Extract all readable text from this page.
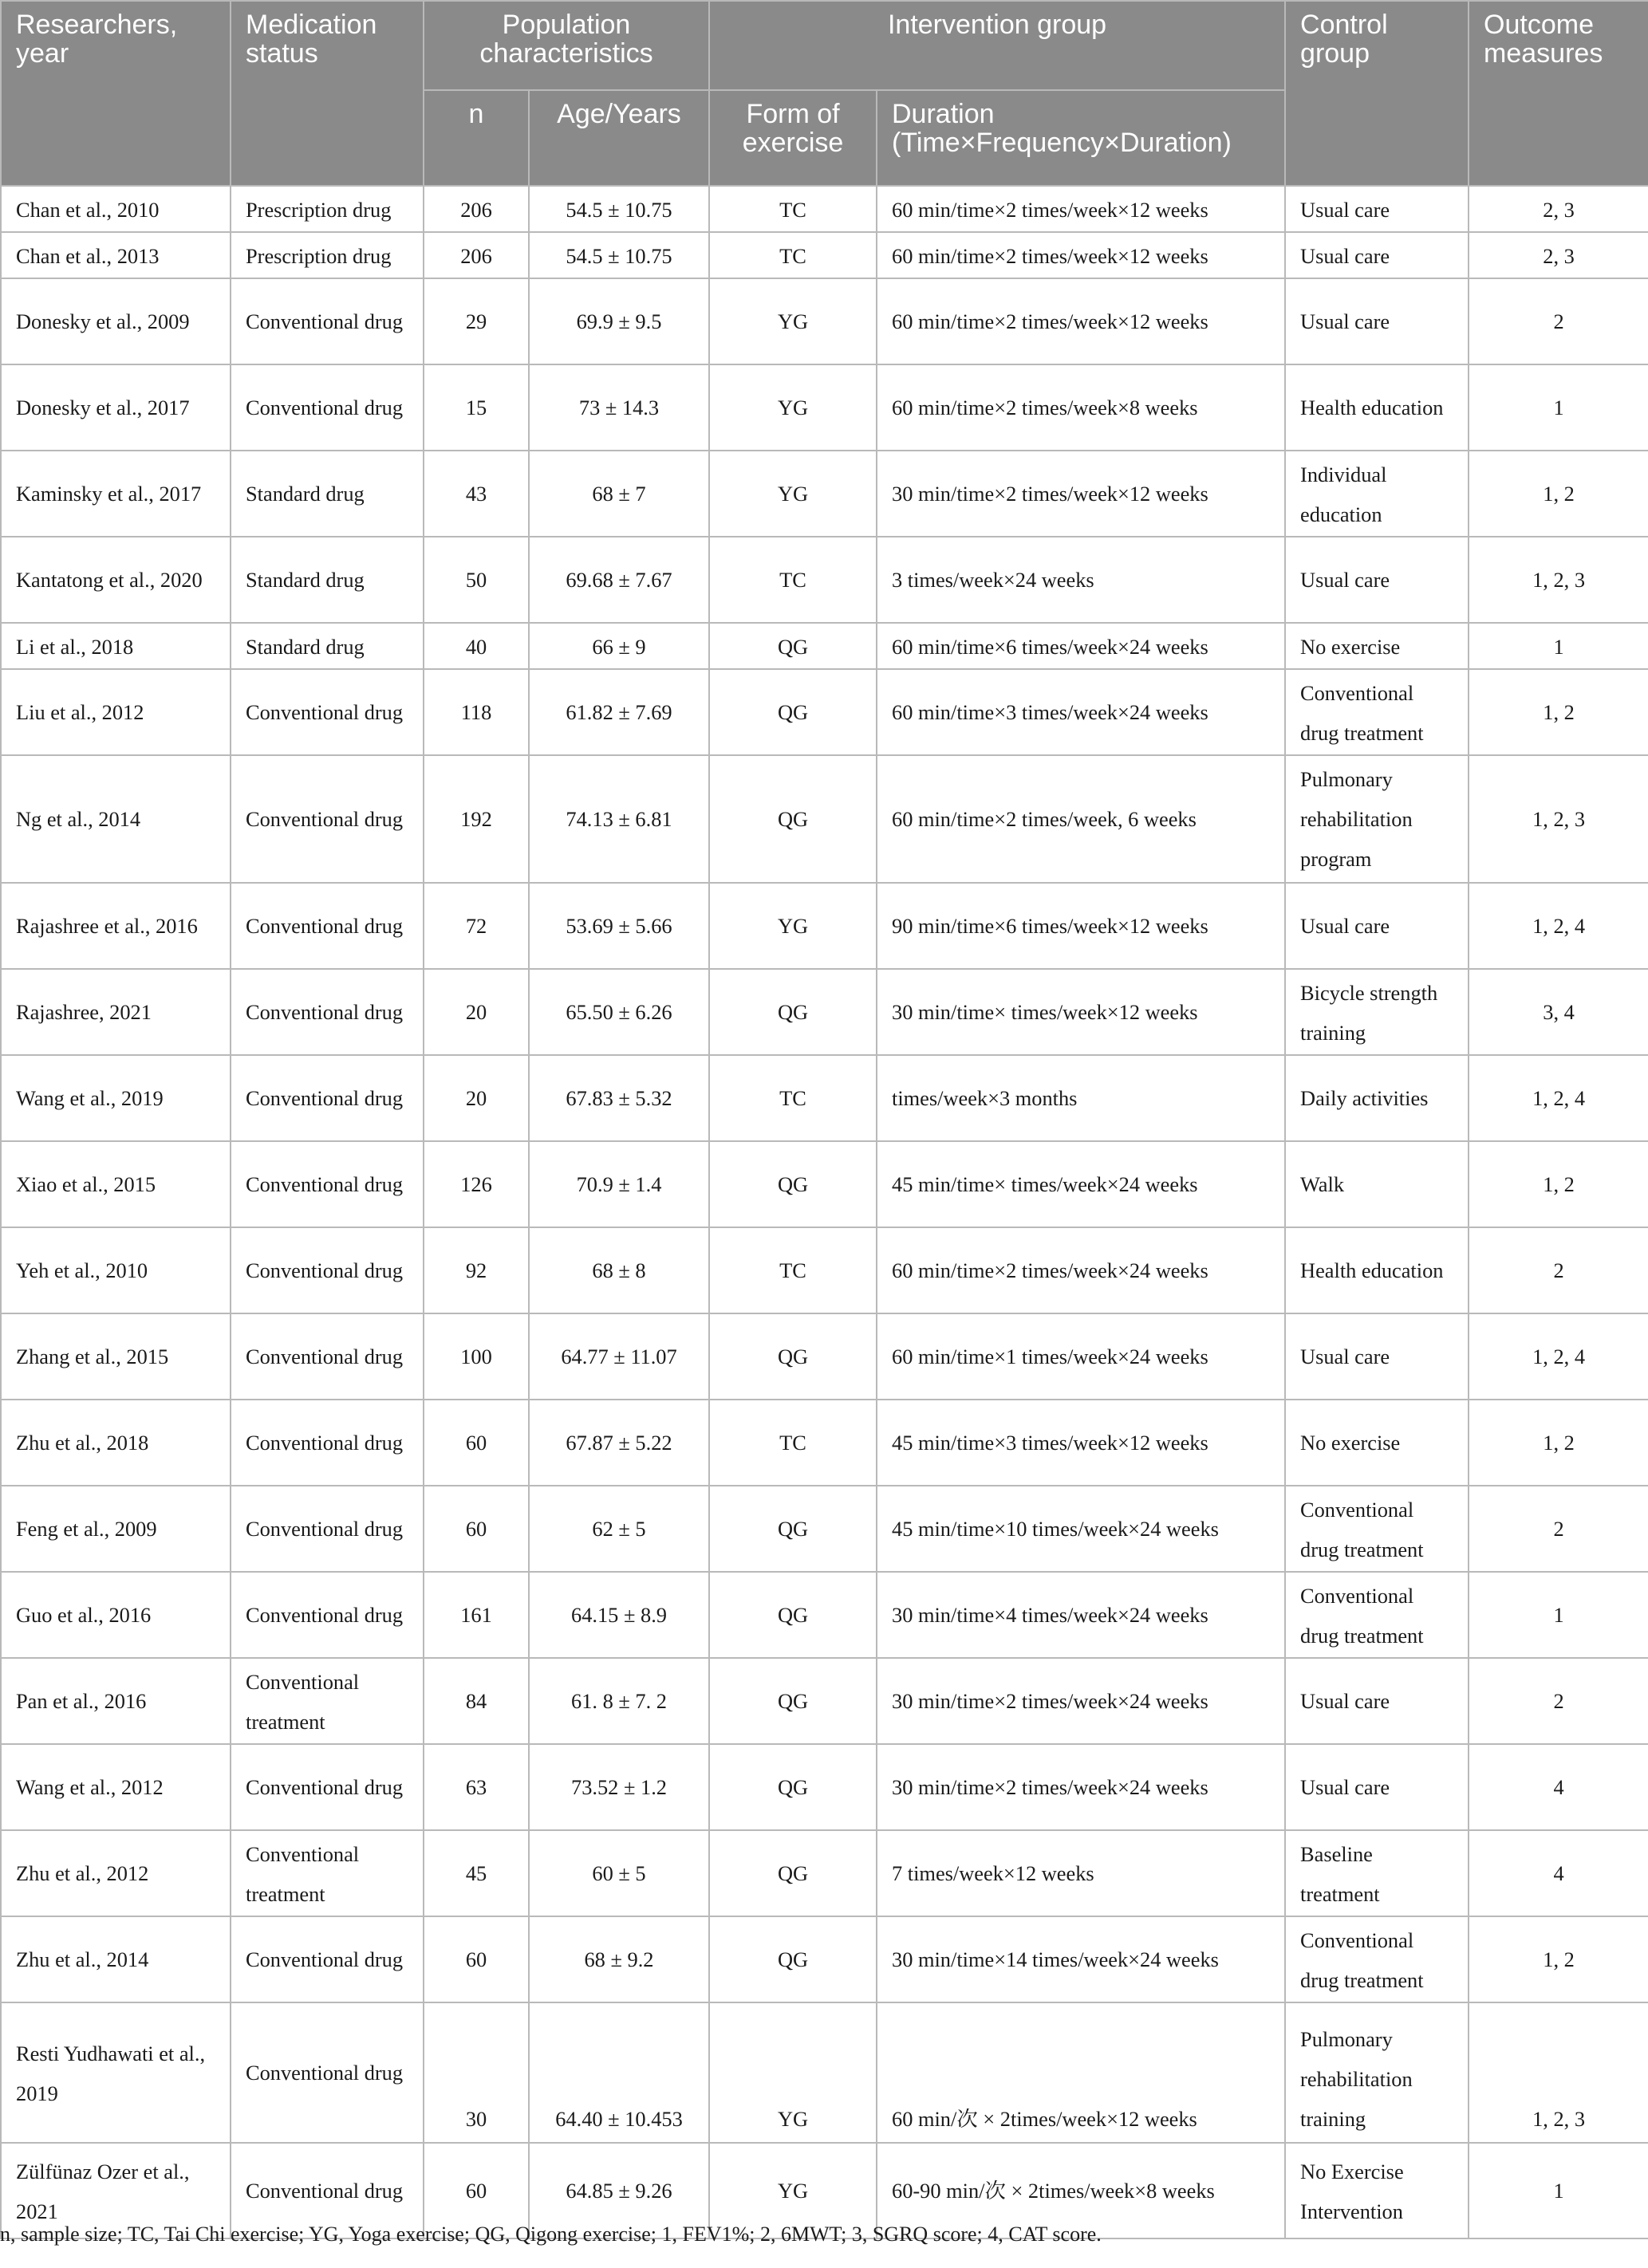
Researchers, year	Medication status	Population characteristics		Intervention group		Control group	Outcome measures
		n	Age/Years	Form of exercise	Duration (Time×Frequency×Duration)		
Chan et al., 2010	Prescription drug	206	54.5 ± 10.75	TC	60 min/time×2 times/week×12 weeks	Usual care	2, 3
Chan et al., 2013	Prescription drug	206	54.5 ± 10.75	TC	60 min/time×2 times/week×12 weeks	Usual care	2, 3
Donesky et al., 2009	Conventional drug	29	69.9 ± 9.5	YG	60 min/time×2 times/week×12 weeks	Usual care	2
Donesky et al., 2017	Conventional drug	15	73 ± 14.3	YG	60 min/time×2 times/week×8 weeks	Health education	1
Kaminsky et al., 2017	Standard drug	43	68 ± 7	YG	30 min/time×2 times/week×12 weeks	Individual education	1, 2
Kantatong et al., 2020	Standard drug	50	69.68 ± 7.67	TC	3 times/week×24 weeks	Usual care	1, 2, 3
Li et al., 2018	Standard drug	40	66 ± 9	QG	60 min/time×6 times/week×24 weeks	No exercise	1
Liu et al., 2012	Conventional drug	118	61.82 ± 7.69	QG	60 min/time×3 times/week×24 weeks	Conventional drug treatment	1, 2
Ng et al., 2014	Conventional drug	192	74.13 ± 6.81	QG	60 min/time×2 times/week, 6 weeks	Pulmonary rehabilitation program	1, 2, 3
Rajashree et al., 2016	Conventional drug	72	53.69 ± 5.66	YG	90 min/time×6 times/week×12 weeks	Usual care	1, 2, 4
Rajashree, 2021	Conventional drug	20	65.50 ± 6.26	QG	30 min/time× times/week×12 weeks	Bicycle strength training	3, 4
Wang et al., 2019	Conventional drug	20	67.83 ± 5.32	TC	times/week×3 months	Daily activities	1, 2, 4
Xiao et al., 2015	Conventional drug	126	70.9 ± 1.4	QG	45 min/time× times/week×24 weeks	Walk	1, 2
Yeh et al., 2010	Conventional drug	92	68 ± 8	TC	60 min/time×2 times/week×24 weeks	Health education	2
Zhang et al., 2015	Conventional drug	100	64.77 ± 11.07	QG	60 min/time×1 times/week×24 weeks	Usual care	1, 2, 4
Zhu et al., 2018	Conventional drug	60	67.87 ± 5.22	TC	45 min/time×3 times/week×12 weeks	No exercise	1, 2
Feng et al., 2009	Conventional drug	60	62 ± 5	QG	45 min/time×10 times/week×24 weeks	Conventional drug treatment	2
Guo et al., 2016	Conventional drug	161	64.15 ± 8.9	QG	30 min/time×4 times/week×24 weeks	Conventional drug treatment	1
Pan et al., 2016	Conventional treatment	84	61. 8 ± 7. 2	QG	30 min/time×2 times/week×24 weeks	Usual care	2
Wang et al., 2012	Conventional drug	63	73.52 ± 1.2	QG	30 min/time×2 times/week×24 weeks	Usual care	4
Zhu et al., 2012	Conventional treatment	45	60 ± 5	QG	7 times/week×12 weeks	Baseline treatment	4
Zhu et al., 2014	Conventional drug	60	68 ± 9.2	QG	30 min/time×14 times/week×24 weeks	Conventional drug treatment	1, 2
Resti Yudhawati et al., 2019	Conventional drug	30	64.40 ± 10.453	YG	60 min/次 × 2times/week×12 weeks	Pulmonary rehabilitation training	1, 2, 3
Zülfünaz Ozer et al., 2021	Conventional drug	60	64.85 ± 9.26	YG	60-90 min/次 × 2times/week×8 weeks	No Exercise Intervention	1
n, sample size; TC, Tai Chi exercise; YG, Yoga exercise; QG, Qigong exercise; 1, FEV1%; 2, 6MWT; 3, SGRQ score; 4, CAT score.
